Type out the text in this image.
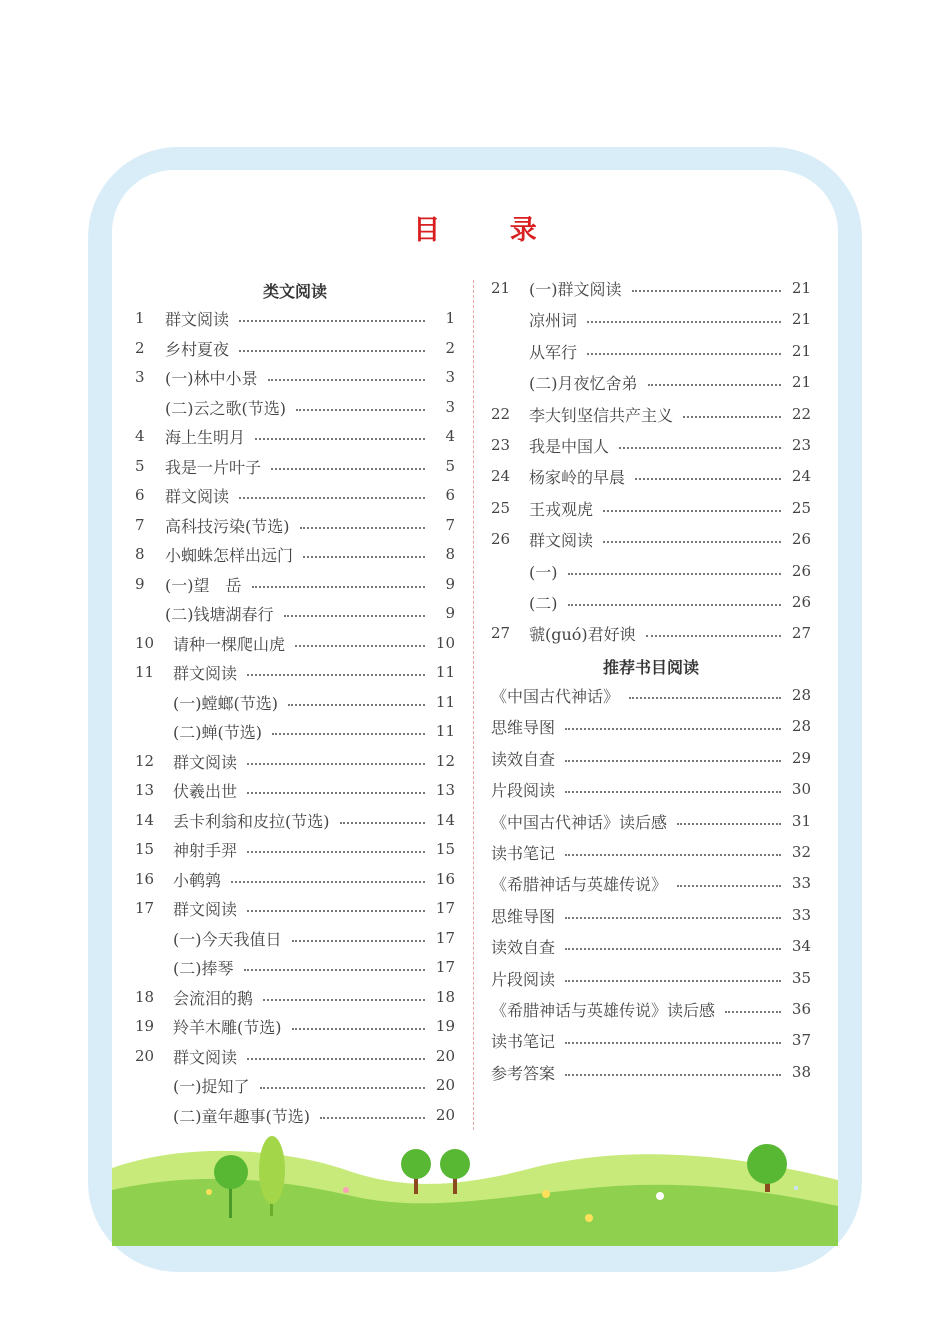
目 录
类文阅读
1	群文阅读	1
2	乡村夏夜	2
3	(一)林中小景	3
(二)云之歌(节选)	3
4	海上生明月	4
5	我是一片叶子	5
6	群文阅读	6
7	高科技污染(节选)	7
8	小蜘蛛怎样出远门	8
9	(一)望　岳	9
(二)钱塘湖春行	9
10	请种一棵爬山虎	10
11	群文阅读	11
(一)螳螂(节选)	11
(二)蝉(节选)	11
12	群文阅读	12
13	伏羲出世	13
14	丢卡利翁和皮拉(节选)	14
15	神射手羿	15
16	小鹌鹑	16
17	群文阅读	17
(一)今天我值日	17
(二)捧琴	17
18	会流泪的鹅	18
19	羚羊木雕(节选)	19
20	群文阅读	20
(一)捉知了	20
(二)童年趣事(节选)	20
21	(一)群文阅读	21
凉州词	21
从军行	21
(二)月夜忆舍弟	21
22	李大钊坚信共产主义	22
23	我是中国人	23
24	杨家岭的早晨	24
25	王戎观虎	25
26	群文阅读	26
(一)	26
(二)	26
27	虢(guó)君好谀	27
推荐书目阅读
《中国古代神话》	28
思维导图	28
读效自查	29
片段阅读	30
《中国古代神话》读后感	31
读书笔记	32
《希腊神话与英雄传说》	33
思维导图	33
读效自查	34
片段阅读	35
《希腊神话与英雄传说》读后感	36
读书笔记	37
参考答案	38
